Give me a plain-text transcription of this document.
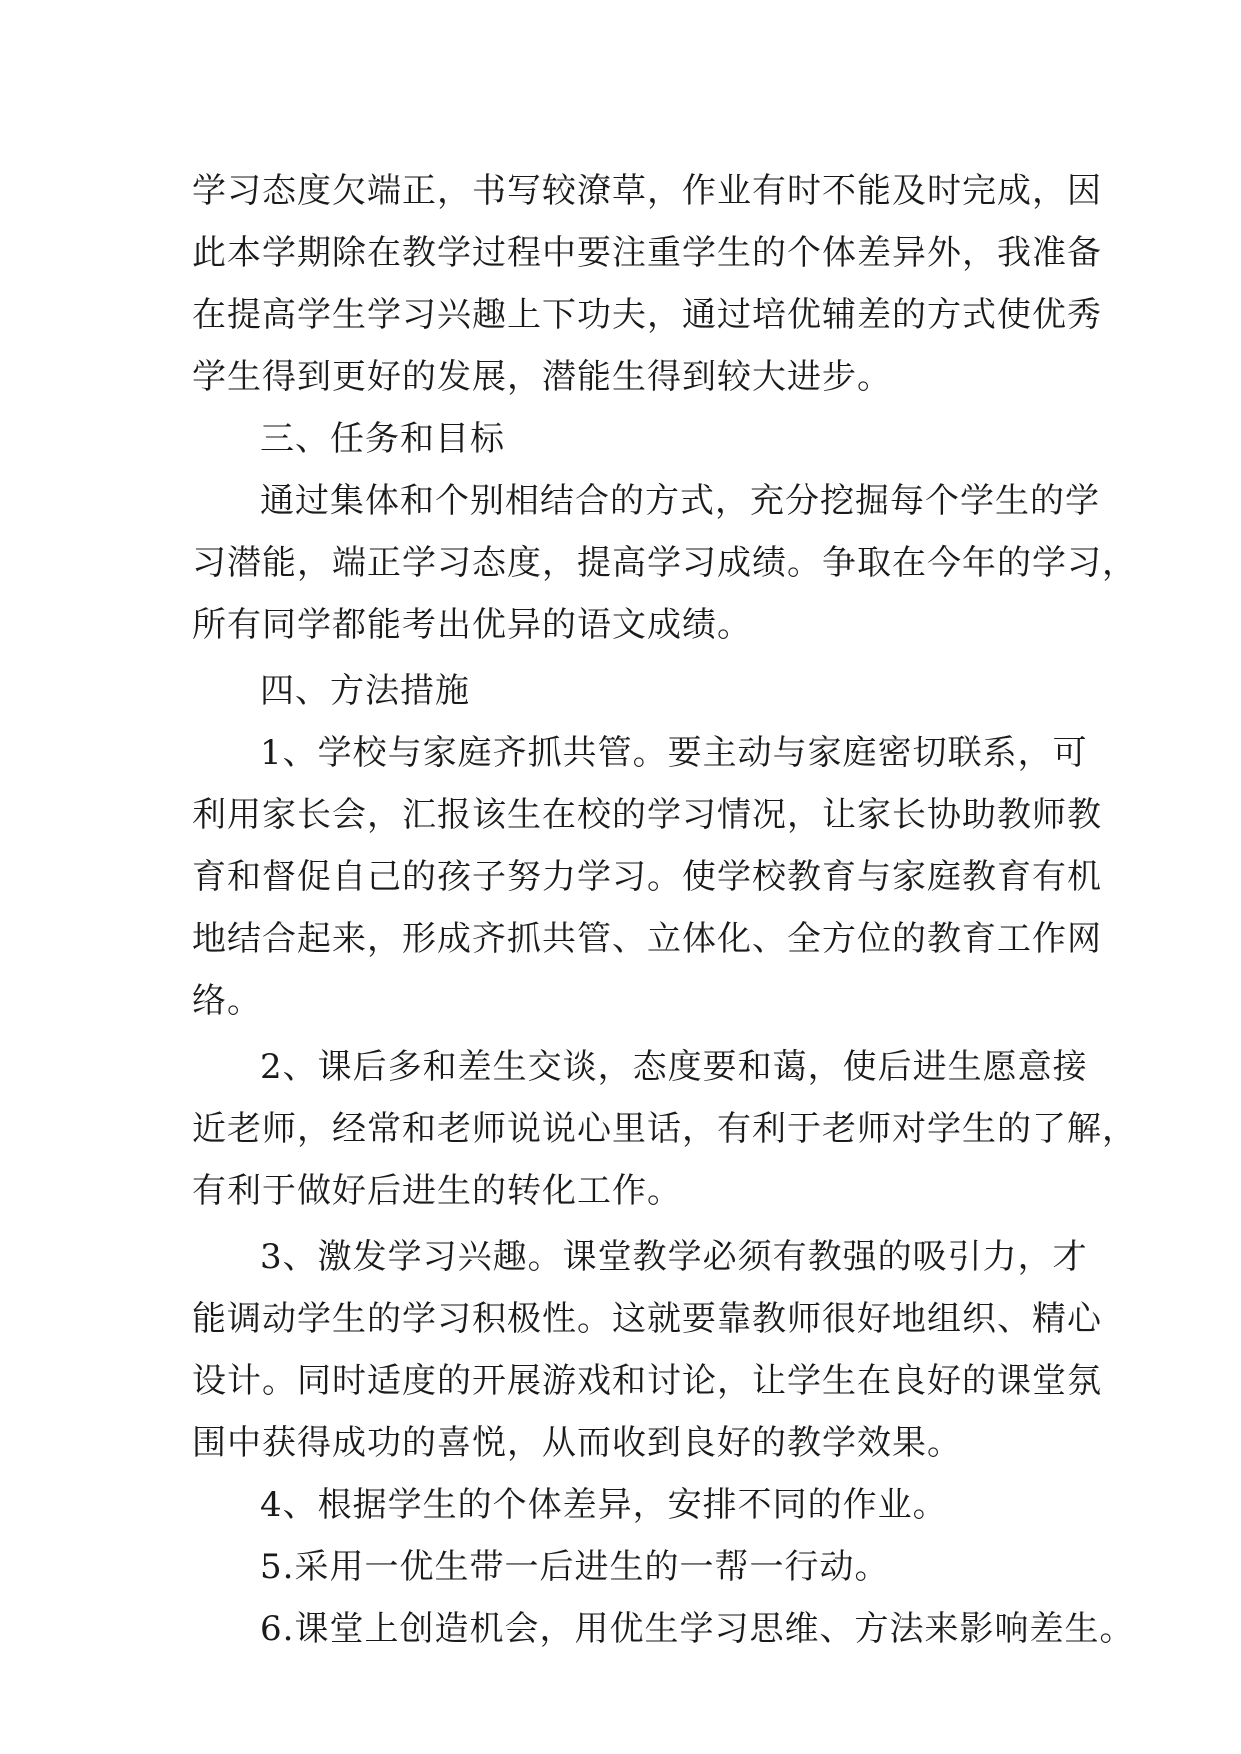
学习态度欠端正，书写较潦草，作业有时不能及时完成，因
此本学期除在教学过程中要注重学生的个体差异外，我准备
在提高学生学习兴趣上下功夫，通过培优辅差的方式使优秀
学生得到更好的发展，潜能生得到较大进步。
三、任务和目标
通过集体和个别相结合的方式，充分挖掘每个学生的学
习潜能，端正学习态度，提高学习成绩。争取在今年的学习，
所有同学都能考出优异的语文成绩。
四、方法措施
1、学校与家庭齐抓共管。要主动与家庭密切联系，可
利用家长会，汇报该生在校的学习情况，让家长协助教师教
育和督促自己的孩子努力学习。使学校教育与家庭教育有机
地结合起来，形成齐抓共管、立体化、全方位的教育工作网
络。
2、课后多和差生交谈，态度要和蔼，使后进生愿意接
近老师，经常和老师说说心里话，有利于老师对学生的了解，
有利于做好后进生的转化工作。
3、激发学习兴趣。课堂教学必须有教强的吸引力，才
能调动学生的学习积极性。这就要靠教师很好地组织、精心
设计。同时适度的开展游戏和讨论，让学生在良好的课堂氛
围中获得成功的喜悦，从而收到良好的教学效果。
4、根据学生的个体差异，安排不同的作业。
5.采用一优生带一后进生的一帮一行动。
6.课堂上创造机会，用优生学习思维、方法来影响差生。
